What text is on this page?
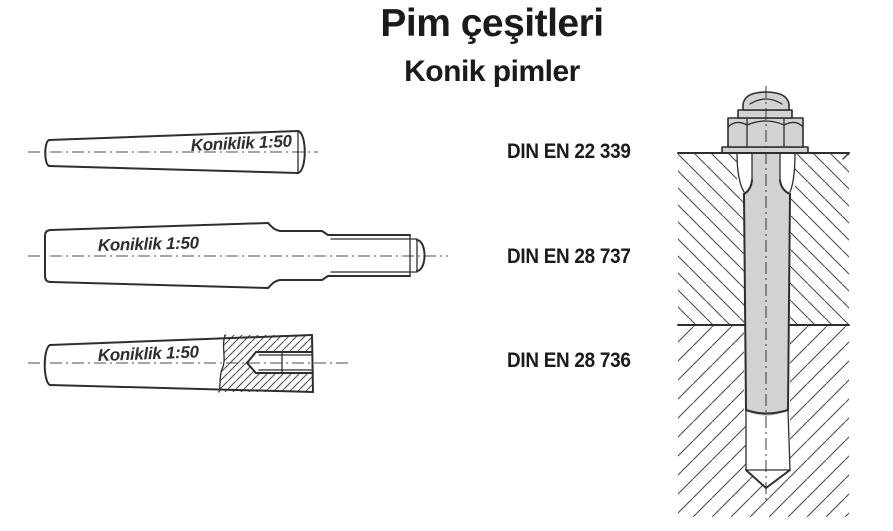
Pim çeşitleri
Konik pimler
DIN EN 22 339
DIN EN 28 737
DIN EN 28 736
Koniklik 1:50
Koniklik 1:50
Koniklik 1:50
